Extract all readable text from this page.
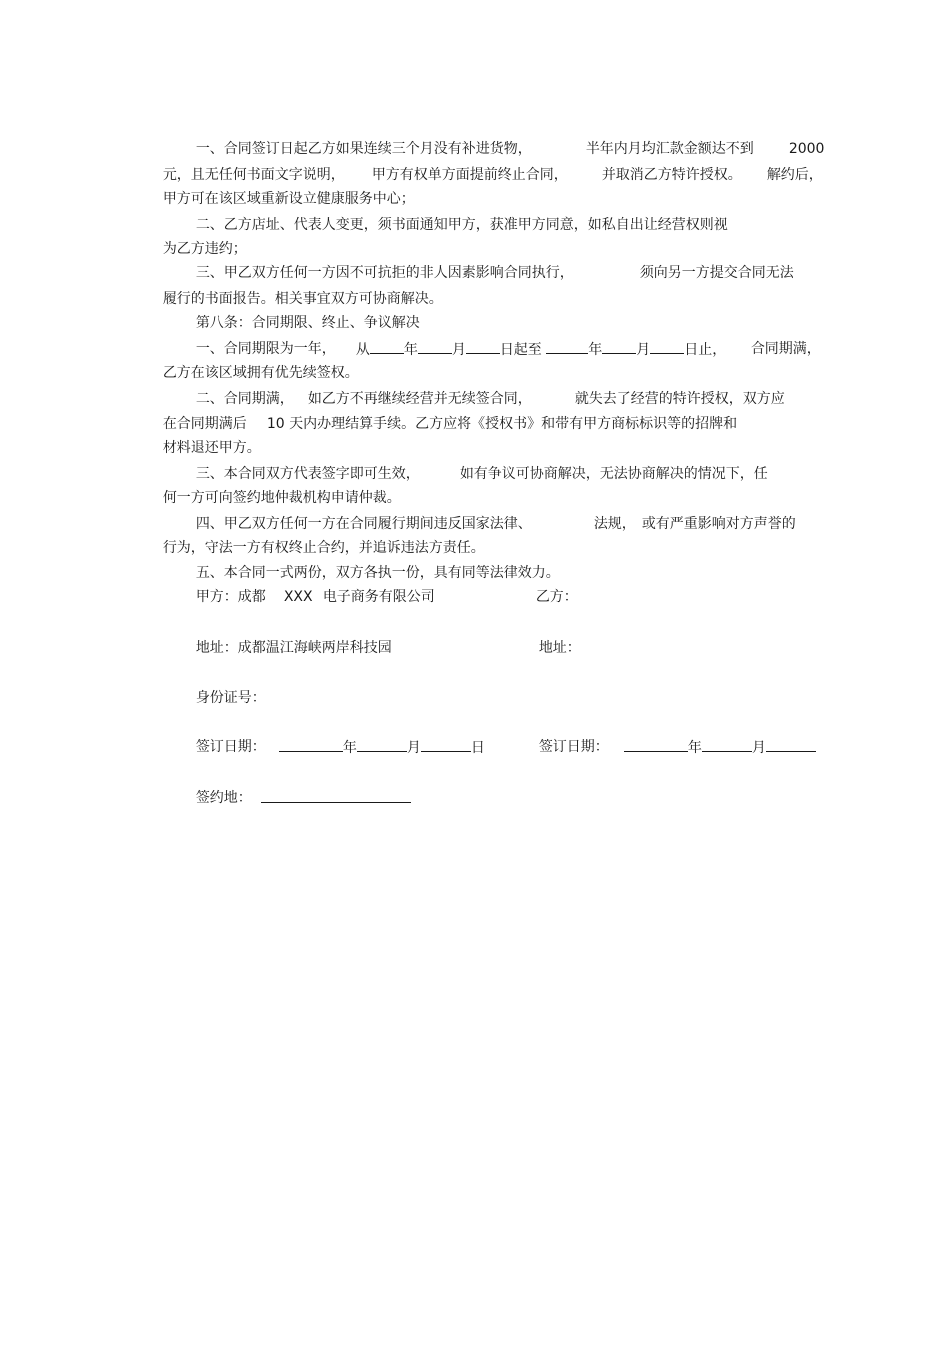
一、合同签订日起乙方如果连续三个月没有补进货物，
	半年内月均汇款金额达不到
	2000

元，且无任何书面文字说明，
	甲方有权单方面提前终止合同，
	并取消乙方特许授权。
	解约后，

甲方可在该区域重新设立健康服务中心；

二、乙方店址、代表人变更，须书面通知甲方，获准甲方同意，如私自出让经营权则视

为乙方违约；

三、甲乙双方任何一方因不可抗拒的非人因素影响合同执行，
	须向另一方提交合同无法

履行的书面报告。相关事宜双方可协商解决。

第八条：合同期限、终止、争议解决

一、合同期限为一年，
	从 年 月 日起至	年 月 日止，
	合同期满，

乙方在该区域拥有优先续签权。

二、合同期满，
	如乙方不再继续经营并无续签合同，
	就失去了经营的特许授权，双方应

在合同期满后
	10 天内办理结算手续。乙方应将《授权书》和带有甲方商标标识等的招牌和

材料退还甲方。

三、本合同双方代表签字即可生效，
	如有争议可协商解决，无法协商解决的情况下，任

何一方可向签约地仲裁机构申请仲裁。

四、甲乙双方任何一方在合同履行期间违反国家法律、
	法规，
或有严重影响对方声誉的

行为，守法一方有权终止合约，并追诉违法方责任。

五、本合同一式两份，双方各执一份，具有同等法律效力。

甲方：成都
	XXX
电子商务有限公司
	乙方：

地址：成都温江海峡两岸科技园
	地址：

身份证号：

签订日期：
	年	月	日
	签订日期：
	年	月

签约地：
